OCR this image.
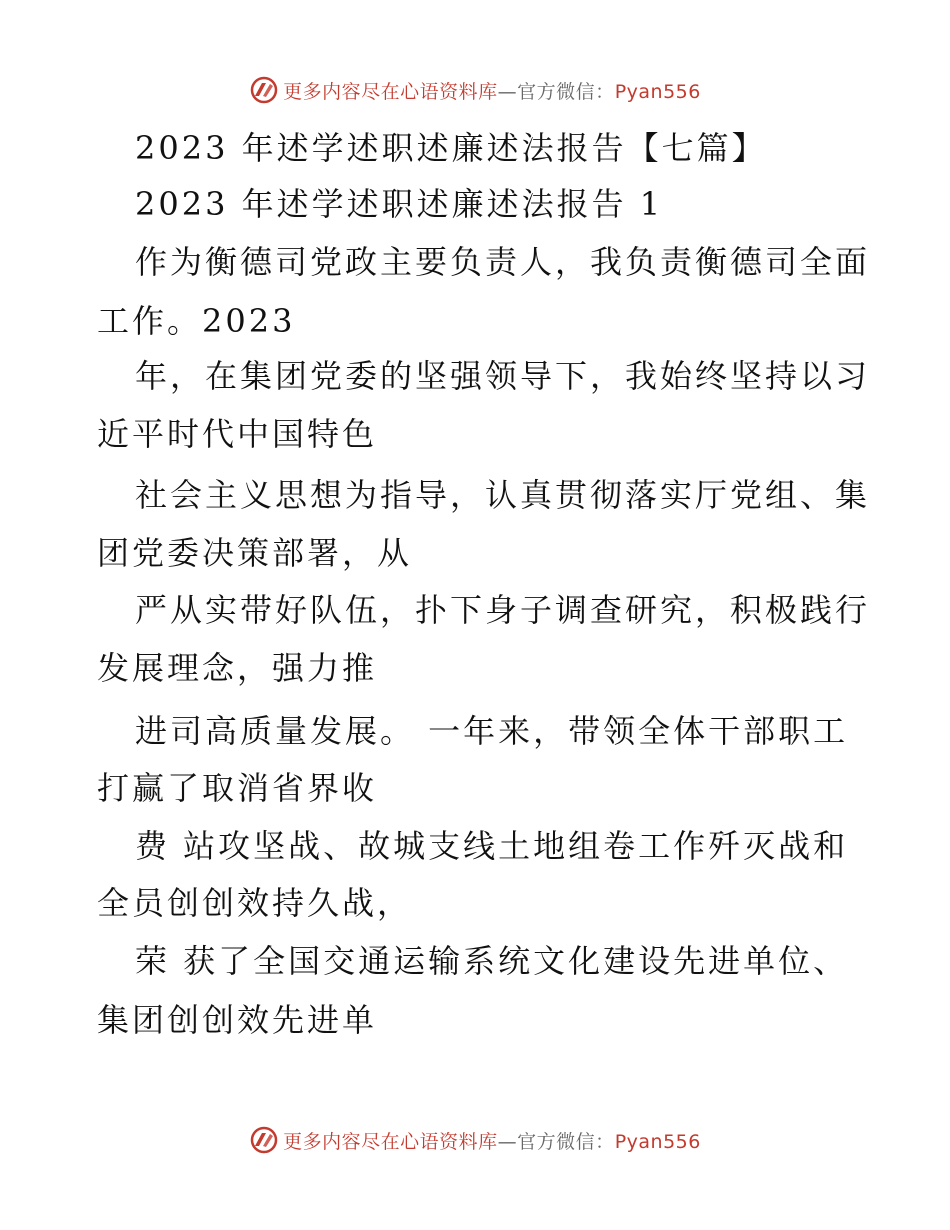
更多内容尽在心语资料库—官方微信：Pyan556
2023 年述学述职述廉述法报告【七篇】
2023 年述学述职述廉述法报告 1
作为衡德司党政主要负责人，我负责衡德司全面
工作。2023
年，在集团党委的坚强领导下，我始终坚持以习
近平时代中国特色
社会主义思想为指导，认真贯彻落实厅党组、集
团党委决策部署，从
严从实带好队伍，扑下身子调查研究，积极践行
发展理念，强力推
进司高质量发展。 一年来，带领全体干部职工
打赢了取消省界收
费 站攻坚战、故城支线土地组卷工作歼灭战和
全员创创效持久战，
荣 获了全国交通运输系统文化建设先进单位、
集团创创效先进单
更多内容尽在心语资料库—官方微信：Pyan556
